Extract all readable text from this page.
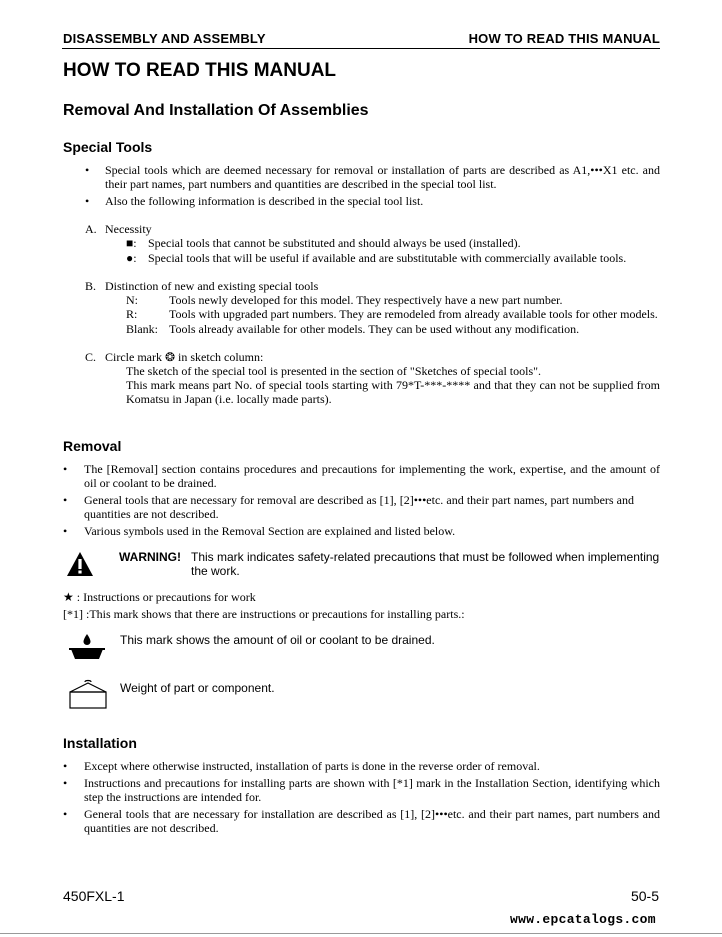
DISASSEMBLY AND ASSEMBLY	HOW TO READ THIS MANUAL
HOW TO READ THIS MANUAL
Removal And Installation Of Assemblies
Special Tools
• Special tools which are deemed necessary for removal or installation of parts are described as A1,•••X1 etc. and their part names, part numbers and quantities are described in the special tool list.
• Also the following information is described in the special tool list.
A. Necessity
■: Special tools that cannot be substituted and should always be used (installed).
●: Special tools that will be useful if available and are substitutable with commercially available tools.
B. Distinction of new and existing special tools
N:	Tools newly developed for this model. They respectively have a new part number.
R:	Tools with upgraded part numbers. They are remodeled from already available tools for other models.
Blank: Tools already available for other models. They can be used without any modification.
C. Circle mark ❂ in sketch column:
The sketch of the special tool is presented in the section of "Sketches of special tools".
This mark means part No. of special tools starting with 79*T-***-**** and that they can not be supplied from Komatsu in Japan (i.e. locally made parts).
Removal
• The [Removal] section contains procedures and precautions for implementing the work, expertise, and the amount of oil or coolant to be drained.
• General tools that are necessary for removal are described as [1], [2]•••etc. and their part names, part numbers and quantities are not described.
• Various symbols used in the Removal Section are explained and listed below.
WARNING! This mark indicates safety-related precautions that must be followed when implementing the work.
★ : Instructions or precautions for work
[*1] :This mark shows that there are instructions or precautions for installing parts.:
This mark shows the amount of oil or coolant to be drained.
Weight of part or component.
Installation
• Except where otherwise instructed, installation of parts is done in the reverse order of removal.
• Instructions and precautions for installing parts are shown with [*1] mark in the Installation Section, identifying which step the instructions are intended for.
• General tools that are necessary for installation are described as [1], [2]•••etc. and their part names, part numbers and quantities are not described.
450FXL-1	50-5
www.epcatalogs.com
